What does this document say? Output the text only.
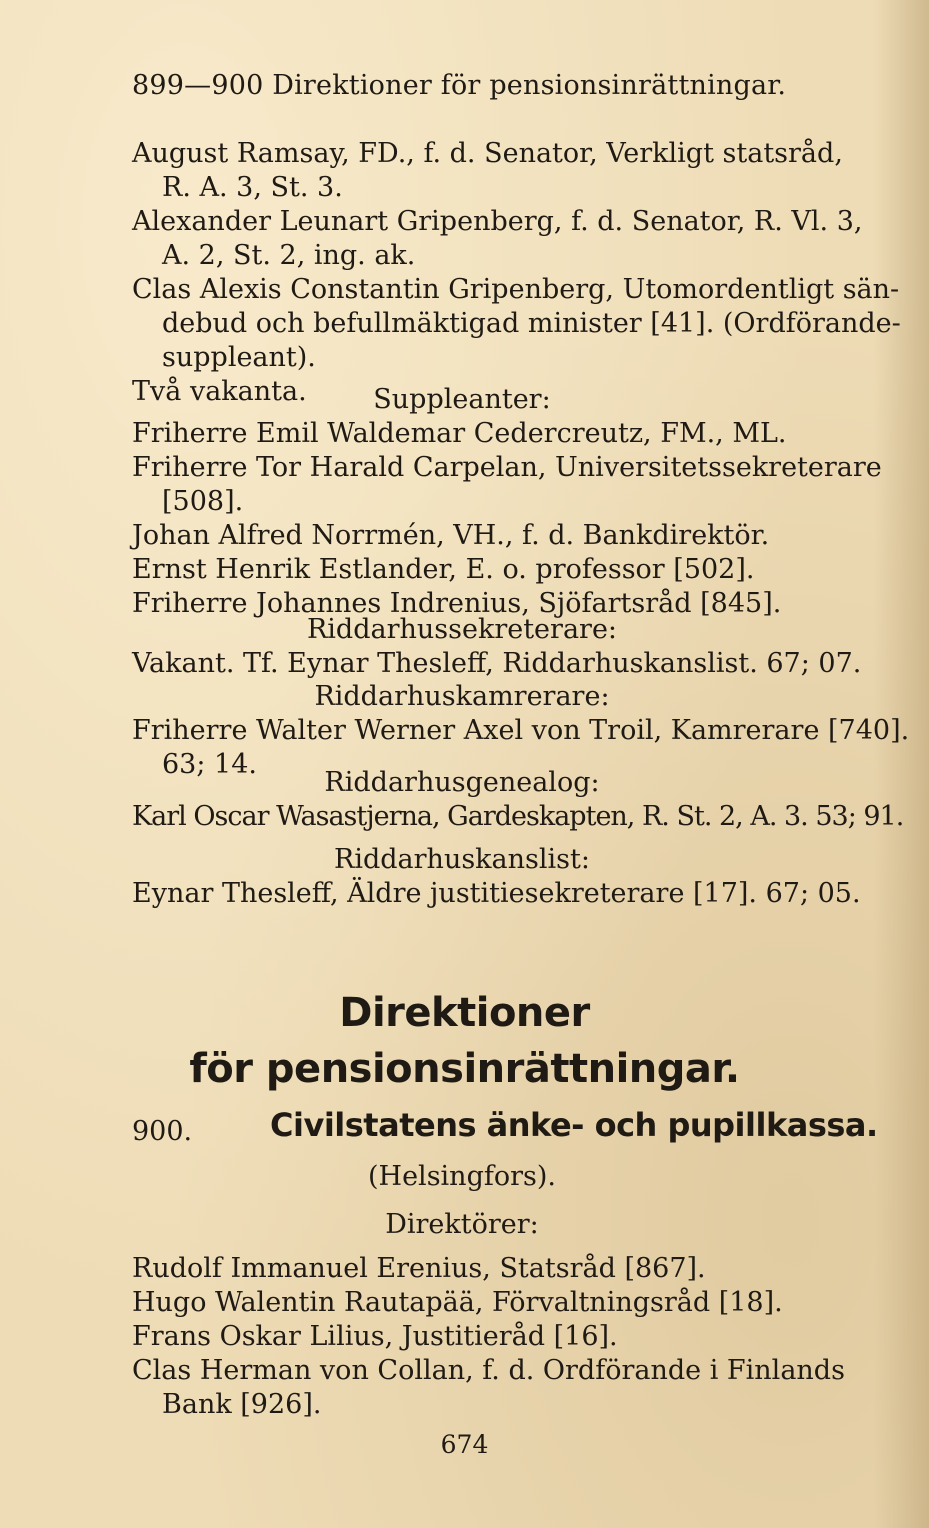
899—900 Direktioner för pensionsinrättningar.
August Ramsay, FD., f. d. Senator, Verkligt statsråd,
R. A. 3, St. 3.
Alexander Leunart Gripenberg, f. d. Senator, R. Vl. 3,
A. 2, St. 2, ing. ak.
Clas Alexis Constantin Gripenberg, Utomordentligt sän-
debud och befullmäktigad minister [41]. (Ordförande-
suppleant).
Två vakanta.	Suppleanter:
Friherre Emil Waldemar Cedercreutz, FM., ML.
Friherre Tor Harald Carpelan, Universitetssekreterare
[508].
Johan Alfred Norrmén, VH., f. d. Bankdirektör.
Ernst Henrik Estlander, E. o. professor [502].
Friherre Johannes Indrenius, Sjöfartsråd [845].
Riddarhussekreterare:
Vakant. Tf. Eynar Thesleff, Riddarhuskanslist. 67; 07.
Riddarhuskamrerare:
Friherre Walter Werner Axel von Troil, Kamrerare [740].
63; 14.
Riddarhusgenealog:
Karl Oscar Wasastjerna, Gardeskapten, R. St. 2, A. 3. 53; 91.
Riddarhuskanslist:
Eynar Thesleff, Äldre justitiesekreterare [17]. 67; 05.
Direktioner
för pensionsinrättningar.
900. Civilstatens änke- och pupillkassa.
(Helsingfors).
Direktörer:
Rudolf Immanuel Erenius, Statsråd [867].
Hugo Walentin Rautapää, Förvaltningsråd [18].
Frans Oskar Lilius, Justitieråd [16].
Clas Herman von Collan, f. d. Ordförande i Finlands
Bank [926].
674
